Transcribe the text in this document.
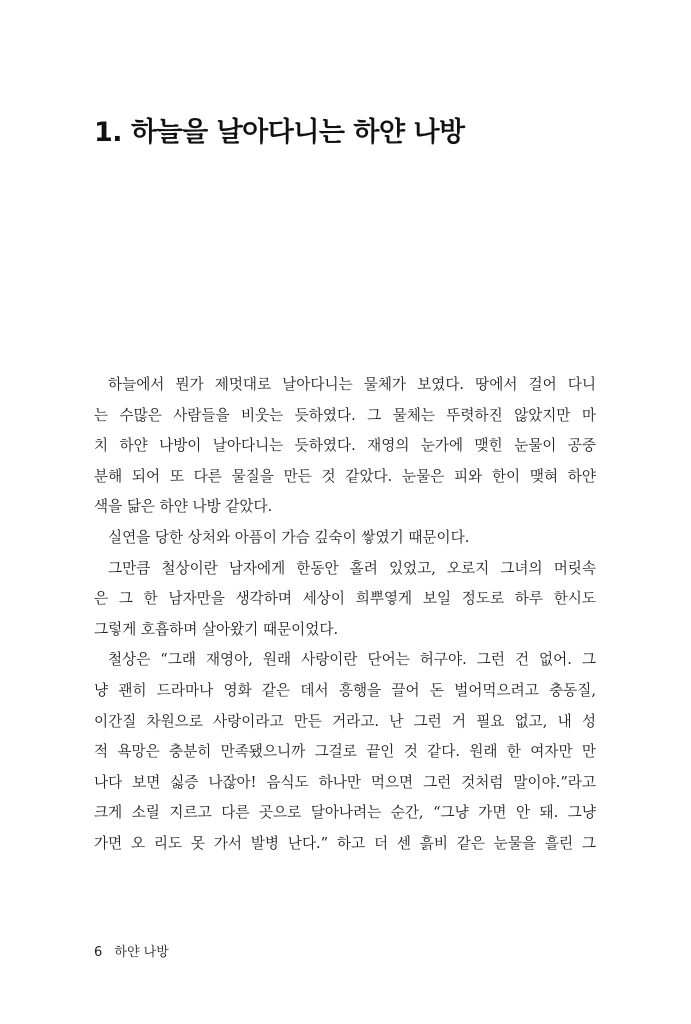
1. 하늘을 날아다니는 하얀 나방
하늘에서 뭔가 제멋대로 날아다니는 물체가 보였다. 땅에서 걸어 다니
는 수많은 사람들을 비웃는 듯하였다. 그 물체는 뚜렷하진 않았지만 마
치 하얀 나방이 날아다니는 듯하였다. 재영의 눈가에 맺힌 눈물이 공중
분해 되어 또 다른 물질을 만든 것 같았다. 눈물은 피와 한이 맺혀 하얀
색을 닮은 하얀 나방 같았다.
실연을 당한 상처와 아픔이 가슴 깊숙이 쌓였기 때문이다.
그만큼 철상이란 남자에게 한동안 홀려 있었고, 오로지 그녀의 머릿속
은 그 한 남자만을 생각하며 세상이 희뿌옇게 보일 정도로 하루 한시도
그렇게 호흡하며 살아왔기 때문이었다.
철상은 “그래 재영아, 원래 사랑이란 단어는 허구야. 그런 건 없어. 그
냥 괜히 드라마나 영화 같은 데서 흥행을 끌어 돈 벌어먹으려고 충동질,
이간질 차원으로 사랑이라고 만든 거라고. 난 그런 거 필요 없고, 내 성
적 욕망은 충분히 만족됐으니까 그걸로 끝인 것 같다. 원래 한 여자만 만
나다 보면 싫증 나잖아! 음식도 하나만 먹으면 그런 것처럼 말이야.”라고
크게 소릴 지르고 다른 곳으로 달아나려는 순간, “그냥 가면 안 돼. 그냥
가면 오 리도 못 가서 발병 난다.” 하고 더 센 흙비 같은 눈물을 흘린 그
6 하얀 나방
